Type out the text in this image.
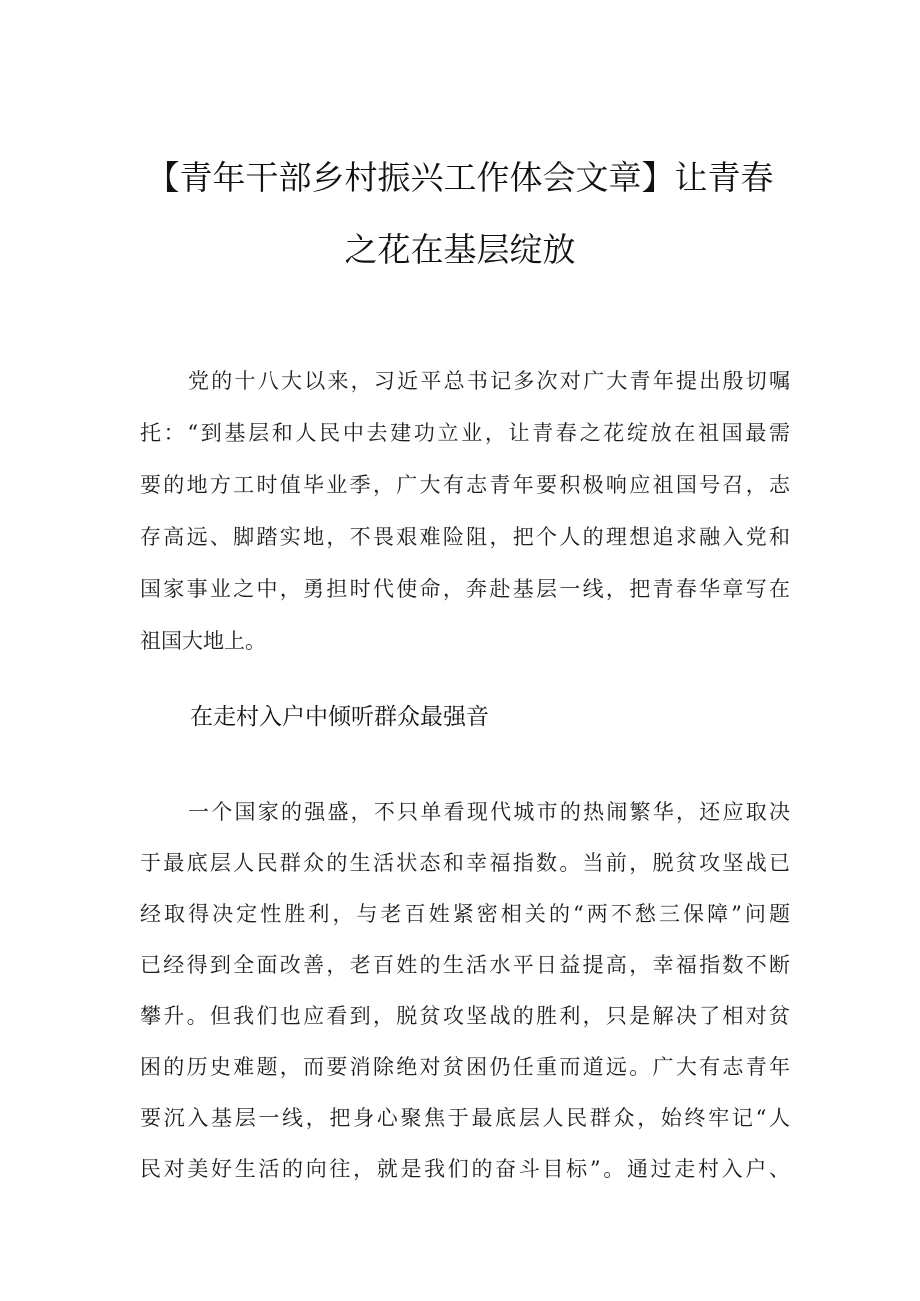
【青年干部乡村振兴工作体会文章】让青春
之花在基层绽放
党的十八大以来，习近平总书记多次对广大青年提出殷切嘱
托：“到基层和人民中去建功立业，让青春之花绽放在祖国最需
要的地方工时值毕业季，广大有志青年要积极响应祖国号召，志
存高远、脚踏实地，不畏艰难险阻，把个人的理想追求融入党和
国家事业之中，勇担时代使命，奔赴基层一线，把青春华章写在
祖国大地上。
在走村入户中倾听群众最强音
一个国家的强盛，不只单看现代城市的热闹繁华，还应取决
于最底层人民群众的生活状态和幸福指数。当前，脱贫攻坚战已
经取得决定性胜利，与老百姓紧密相关的“两不愁三保障”问题
已经得到全面改善，老百姓的生活水平日益提高，幸福指数不断
攀升。但我们也应看到，脱贫攻坚战的胜利，只是解决了相对贫
困的历史难题，而要消除绝对贫困仍任重而道远。广大有志青年
要沉入基层一线，把身心聚焦于最底层人民群众，始终牢记“人
民对美好生活的向往，就是我们的奋斗目标”。通过走村入户、
